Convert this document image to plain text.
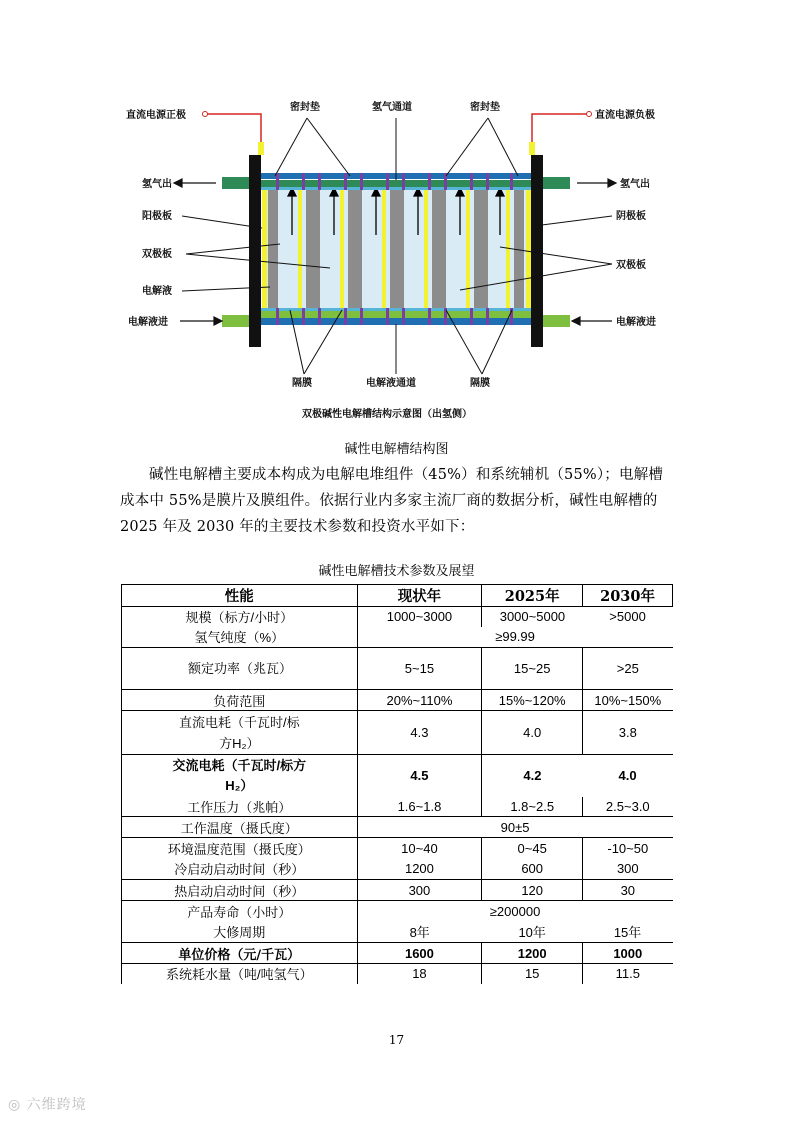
直流电源正极	直流电源负极
密封垫	氢气通道	密封垫
氢气出	氢气出
阳极板	阴极板
双极板
双极板
电解液
电解液进	电解液进
隔膜	电解液通道	隔膜
双极碱性电解槽结构示意图（出氢侧）
碱性电解槽结构图

碱性电解槽主要成本构成为电解电堆组件（45%）和系统辅机（55%）；电解槽成本中 55%是膜片及膜组件。依据行业内多家主流厂商的数据分析，碱性电解槽的 2025 年及 2030 年的主要技术参数和投资水平如下：

碱性电解槽技术参数及展望
性能	现状年	2025年	2030年
规模（标方/小时）	1000~3000	3000~5000	>5000
氢气纯度（%）	≥99.99		
额定功率（兆瓦）	5~15	15~25	>25
负荷范围	20%~110%	15%~120%	10%~150%
直流电耗（千瓦时/标方H₂）	4.3	4.0	3.8
交流电耗（千瓦时/标方H₂）	4.5	4.2	4.0
工作压力（兆帕）	1.6~1.8	1.8~2.5	2.5~3.0
工作温度（摄氏度）	90±5		
环境温度范围（摄氏度）	10~40	0~45	-10~50
冷启动启动时间（秒）	1200	600	300
热启动启动时间（秒）	300	120	30
产品寿命（小时）	≥200000		
大修周期	8年	10年	15年
单位价格（元/千瓦）	1600	1200	1000
系统耗水量（吨/吨氢气）	18	15	11.5
17
◎ 六维跨境
